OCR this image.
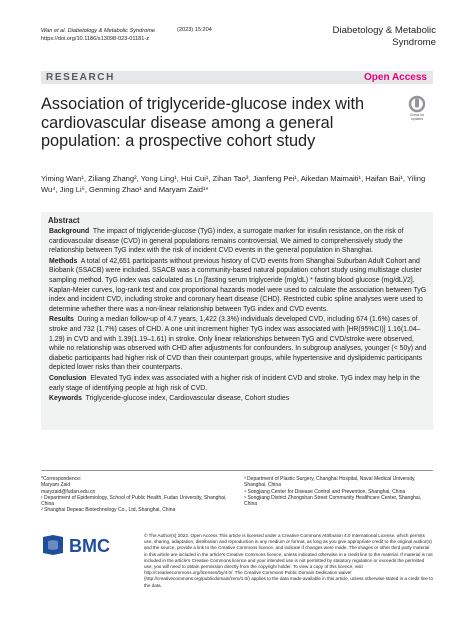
Wan et al. Diabetology & Metabolic Syndrome
https://doi.org/10.1186/s13098-023-01181-z
(2023) 15:204	Diabetology & Metabolic
Syndrome
RESEARCH	Open Access
Association of triglyceride-glucose index with cardiovascular disease among a general population: a prospective cohort study
Check for
updates
Yiming Wan¹, Ziliang Zhang², Yong Ling¹, Hui Cui¹, Zihan Tao³, Jianfeng Pei¹, Aikedan Maimaiti¹, Haifan Bai¹, Yiling Wu⁴, Jing Li⁵, Genming Zhao¹ and Maryam Zaid¹*
Abstract

Background The impact of triglyceride-glucose (TyG) index, a surrogate marker for insulin resistance, on the risk of cardiovascular disease (CVD) in general populations remains controversial. We aimed to comprehensively study the relationship between TyG index with the risk of incident CVD events in the general population in Shanghai.

Methods A total of 42,651 participants without previous history of CVD events from Shanghai Suburban Adult Cohort and Biobank (SSACB) were included. SSACB was a community-based natural population cohort study using multistage cluster sampling method. TyG index was calculated as Ln [fasting serum triglyceride (mg/dL) * fasting blood glucose (mg/dL)/2]. Kaplan-Meier curves, log-rank test and cox proportional hazards model were used to calculate the association between TyG index and incident CVD, including stroke and coronary heart disease (CHD). Restricted cubic spline analyses were used to determine whether there was a non-linear relationship between TyG index and CVD events.

Results During a median follow-up of 4.7 years, 1,422 (3.3%) individuals developed CVD, including 674 (1.6%) cases of stroke and 732 (1.7%) cases of CHD. A one unit increment higher TyG index was associated with [HR(95%CI)] 1.16(1.04–1.29) in CVD and with 1.39(1.19–1.61) in stroke. Only linear relationships between TyG and CVD/stroke were observed, while no relationship was observed with CHD after adjustments for confounders. In subgroup analyses, younger (< 50y) and diabetic participants had higher risk of CVD than their counterpart groups, while hypertensive and dyslipidemic participants depicted lower risks than their counterparts.

Conclusion Elevated TyG index was associated with a higher risk of incident CVD and stroke. TyG index may help in the early stage of identifying people at high risk of CVD.

Keywords Triglyceride-glucose index, Cardiovascular disease, Cohort studies

*Correspondence:
Maryam Zaid
maryzaid@fudan.edu.cn
¹ Department of Epidemiology, School of Public Health, Fudan University, Shanghai, China
² Shanghai Depeac Biotechnology Co., Ltd, Shanghai, China
³ Department of Plastic Surgery, Changhai Hospital, Naval Medical University, Shanghai, China
⁴ Songjiang Center for Disease Control and Prevention, Shanghai, China
⁵ Songjiang District Zhongshan Street Community Healthcare Center, Shanghai, China
BMC
© The Author(s) 2023. Open Access This article is licensed under a Creative Commons Attribution 4.0 International License, which permits use, sharing, adaptation, distribution and reproduction in any medium or format, as long as you give appropriate credit to the original author(s) and the source, provide a link to the Creative Commons licence, and indicate if changes were made. The images or other third party material in this article are included in the article's Creative Commons licence, unless indicated otherwise in a credit line to the material. If material is not included in the article's Creative Commons licence and your intended use is not permitted by statutory regulation or exceeds the permitted use, you will need to obtain permission directly from the copyright holder. To view a copy of this licence, visit http://creativecommons.org/licenses/by/4.0/. The Creative Commons Public Domain Dedication waiver (http://creativecommons.org/publicdomain/zero/1.0/) applies to the data made available in this article, unless otherwise stated in a credit line to the data.
